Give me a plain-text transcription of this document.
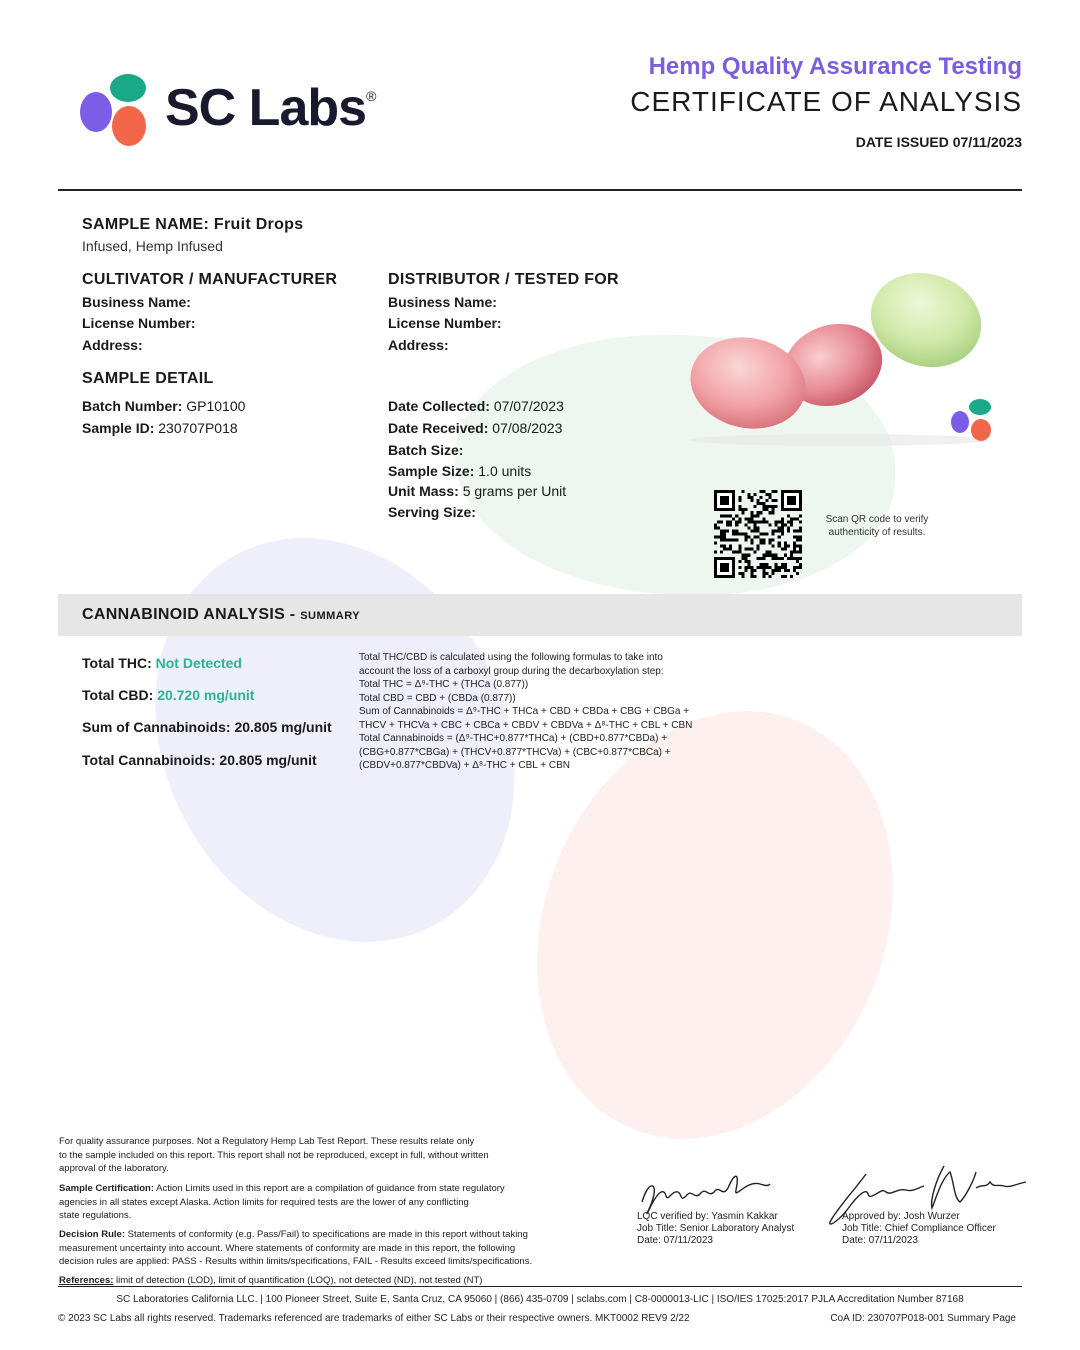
SC Labs®
Hemp Quality Assurance Testing
CERTIFICATE OF ANALYSIS
DATE ISSUED 07/11/2023
SAMPLE NAME: Fruit Drops
Infused, Hemp Infused
CULTIVATOR / MANUFACTURER
Business Name:
License Number:
Address:
DISTRIBUTOR / TESTED FOR
Business Name:
License Number:
Address:
SAMPLE DETAIL
Batch Number: GP10100
Sample ID: 230707P018
Date Collected: 07/07/2023
Date Received: 07/08/2023
Batch Size:
Sample Size: 1.0 units
Unit Mass: 5 grams per Unit
Serving Size:	Scan QR code to verify
authenticity of results.
CANNABINOID ANALYSIS - SUMMARY
Total THC: Not Detected
Total CBD: 20.720 mg/unit
Sum of Cannabinoids: 20.805 mg/unit
Total Cannabinoids: 20.805 mg/unit
Total THC/CBD is calculated using the following formulas to take into
account the loss of a carboxyl group during the decarboxylation step:
Total THC = Δ⁹-THC + (THCa (0.877))
Total CBD = CBD + (CBDa (0.877))
Sum of Cannabinoids = Δ⁹-THC + THCa + CBD + CBDa + CBG + CBGa +
THCV + THCVa + CBC + CBCa + CBDV + CBDVa + Δ⁸-THC + CBL + CBN
Total Cannabinoids = (Δ⁹-THC+0.877*THCa) + (CBD+0.877*CBDa) +
(CBG+0.877*CBGa) + (THCV+0.877*THCVa) + (CBC+0.877*CBCa) +
(CBDV+0.877*CBDVa) + Δ⁸-THC + CBL + CBN
For quality assurance purposes. Not a Regulatory Hemp Lab Test Report. These results relate only
to the sample included on this report. This report shall not be reproduced, except in full, without written
approval of the laboratory.
Sample Certification: Action Limits used in this report are a compilation of guidance from state regulatory
agencies in all states except Alaska. Action limits for required tests are the lower of any conflicting
state regulations.
Decision Rule: Statements of conformity (e.g. Pass/Fail) to specifications are made in this report without taking
measurement uncertainty into account. Where statements of conformity are made in this report, the following
decision rules are applied: PASS - Results within limits/specifications, FAIL - Results exceed limits/specifications.
References: limit of detection (LOD), limit of quantification (LOQ), not detected (ND), not tested (NT)
LQC verified by: Yasmin Kakkar
Job Title: Senior Laboratory Analyst
Date: 07/11/2023
Approved by: Josh Wurzer
Job Title: Chief Compliance Officer
Date: 07/11/2023
SC Laboratories California LLC. | 100 Pioneer Street, Suite E, Santa Cruz, CA 95060 | (866) 435-0709 | sclabs.com | C8-0000013-LIC | ISO/IES 17025:2017 PJLA Accreditation Number 87168
© 2023 SC Labs all rights reserved. Trademarks referenced are trademarks of either SC Labs or their respective owners. MKT0002 REV9 2/22	CoA ID: 230707P018-001 Summary Page
